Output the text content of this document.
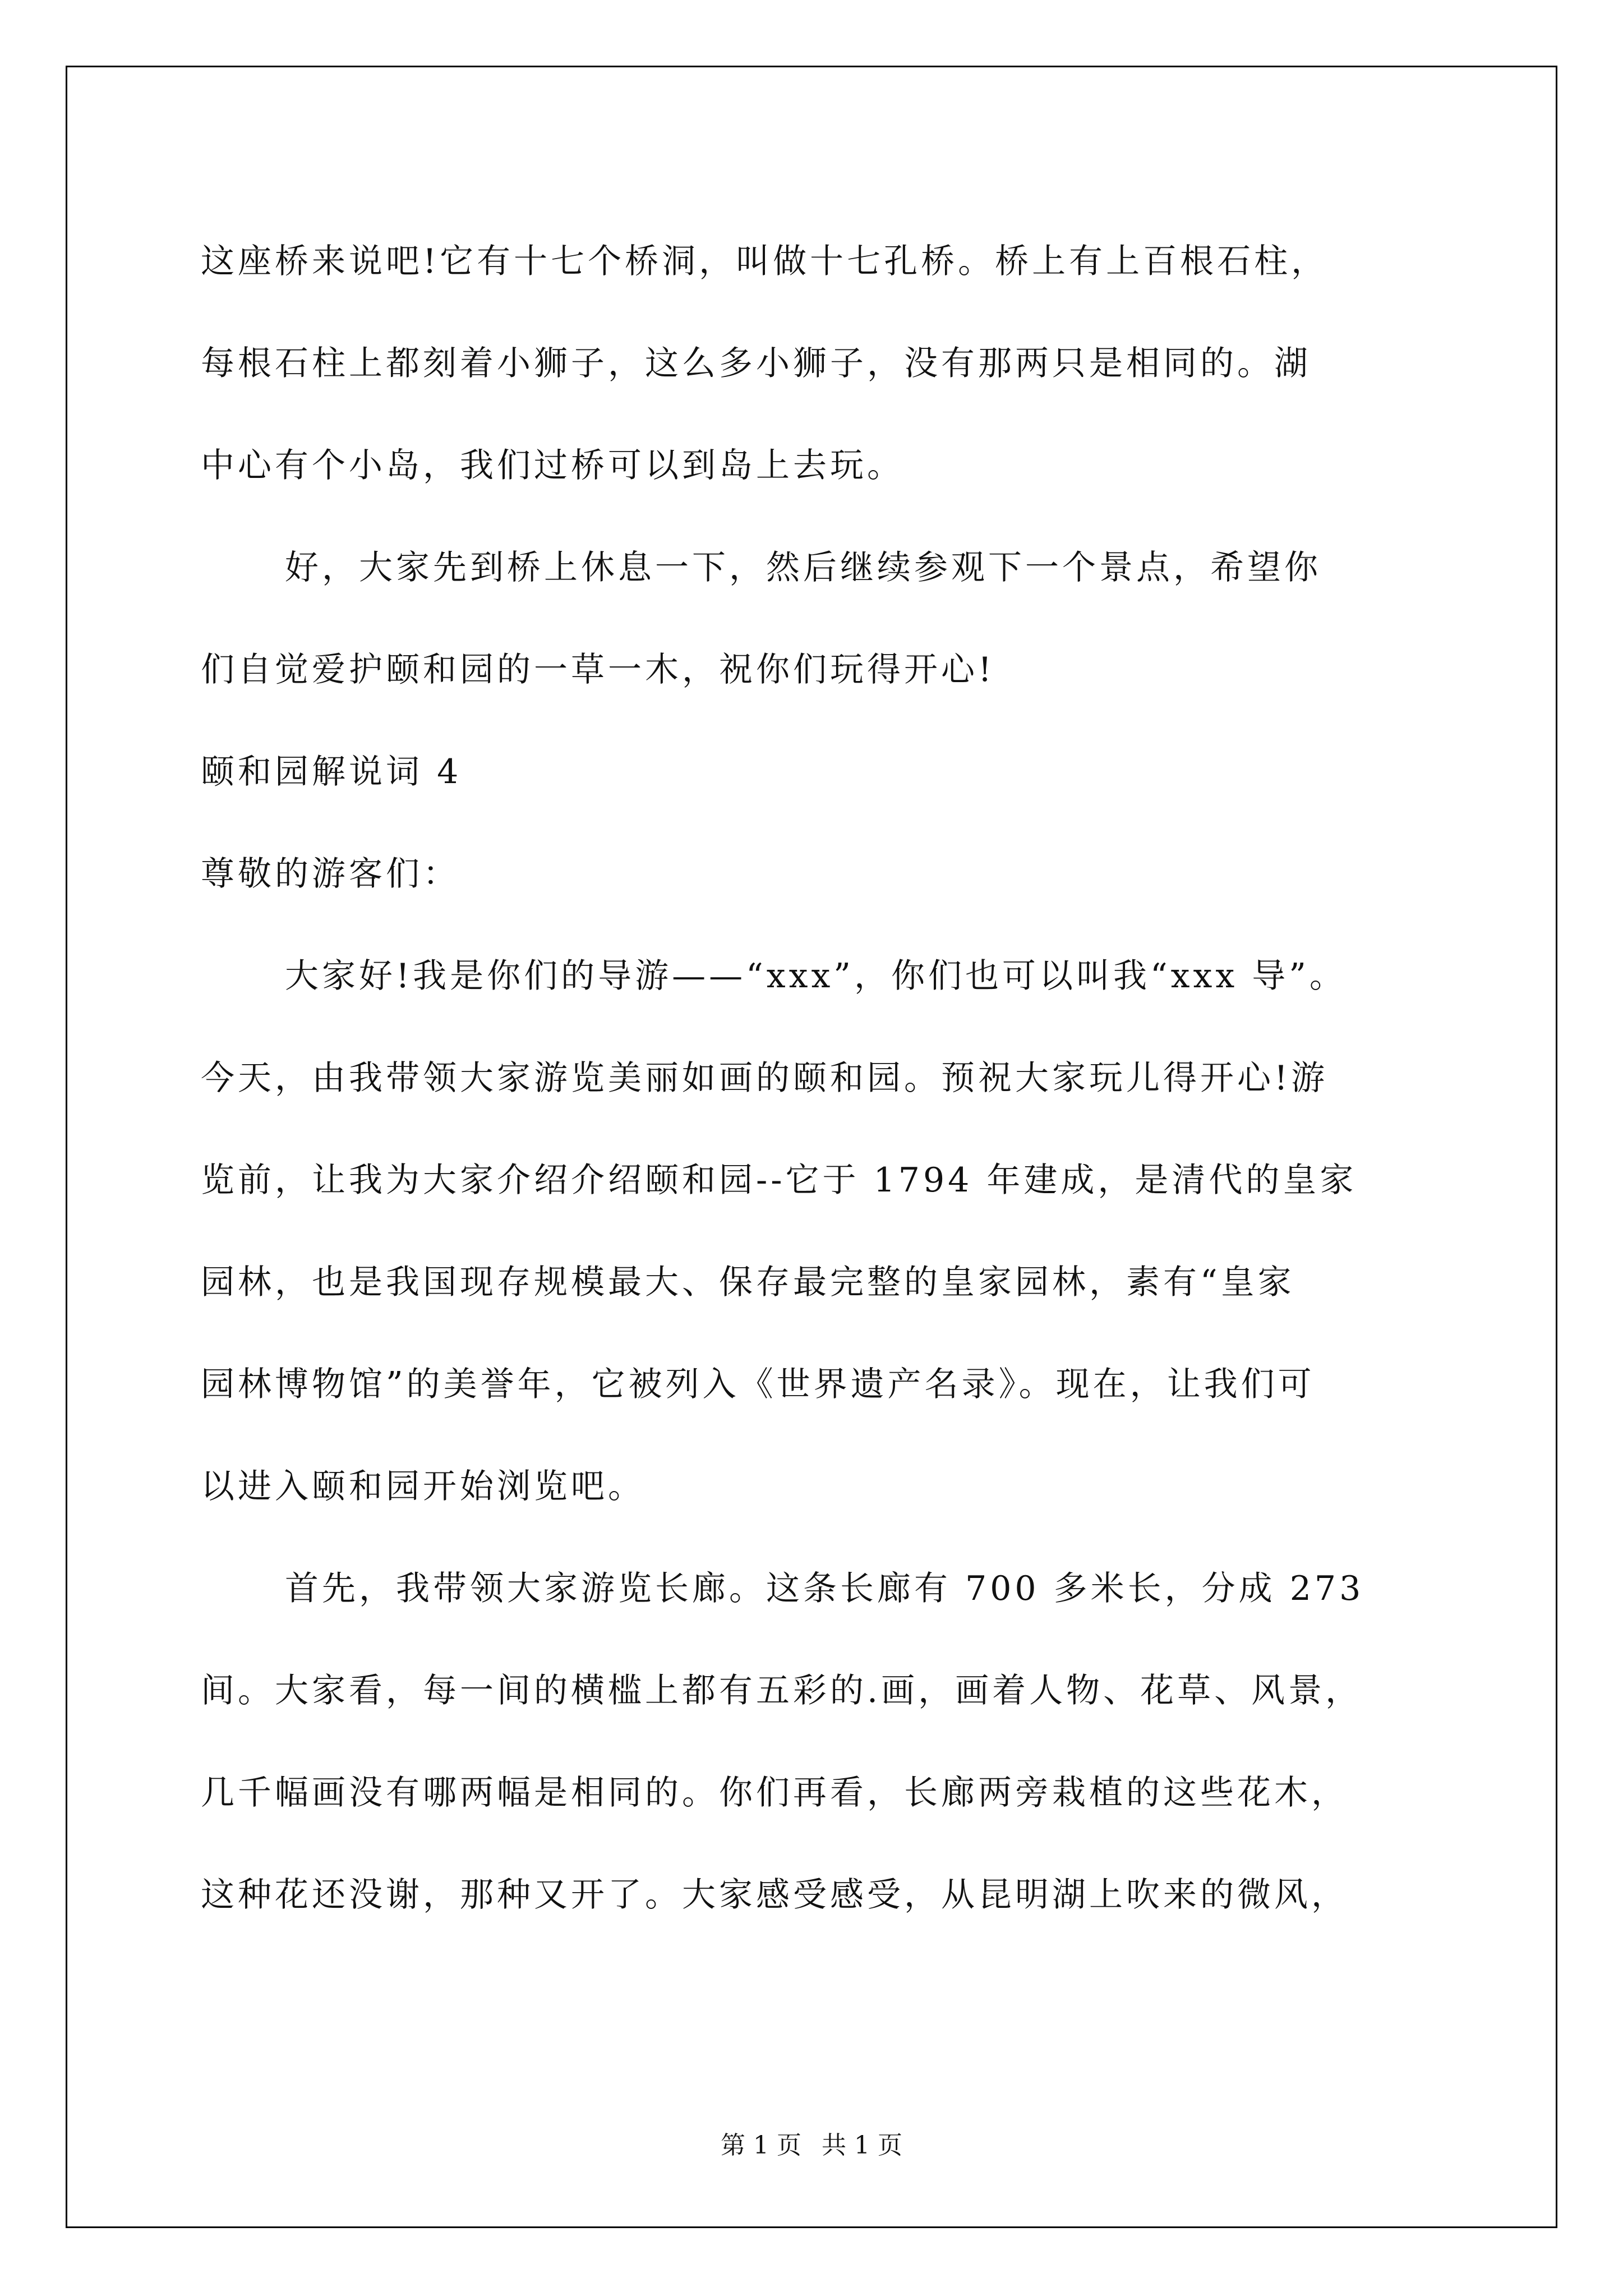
这座桥来说吧!它有十七个桥洞，叫做十七孔桥。桥上有上百根石柱，
每根石柱上都刻着小狮子，这么多小狮子，没有那两只是相同的。湖
中心有个小岛，我们过桥可以到岛上去玩。
好，大家先到桥上休息一下，然后继续参观下一个景点，希望你
们自觉爱护颐和园的一草一木，祝你们玩得开心!
颐和园解说词 4
尊敬的游客们：
大家好!我是你们的导游——“xxx”，你们也可以叫我“xxx 导”。
今天，由我带领大家游览美丽如画的颐和园。预祝大家玩儿得开心!游
览前，让我为大家介绍介绍颐和园--它于 1794 年建成，是清代的皇家
园林，也是我国现存规模最大、保存最完整的皇家园林，素有“皇家
园林博物馆”的美誉年，它被列入《世界遗产名录》。现在，让我们可
以进入颐和园开始浏览吧。
首先，我带领大家游览长廊。这条长廊有 700 多米长，分成 273
间。大家看，每一间的横槛上都有五彩的.画，画着人物、花草、风景，
几千幅画没有哪两幅是相同的。你们再看，长廊两旁栽植的这些花木，
这种花还没谢，那种又开了。大家感受感受，从昆明湖上吹来的微风，
第 1 页 共 1 页
